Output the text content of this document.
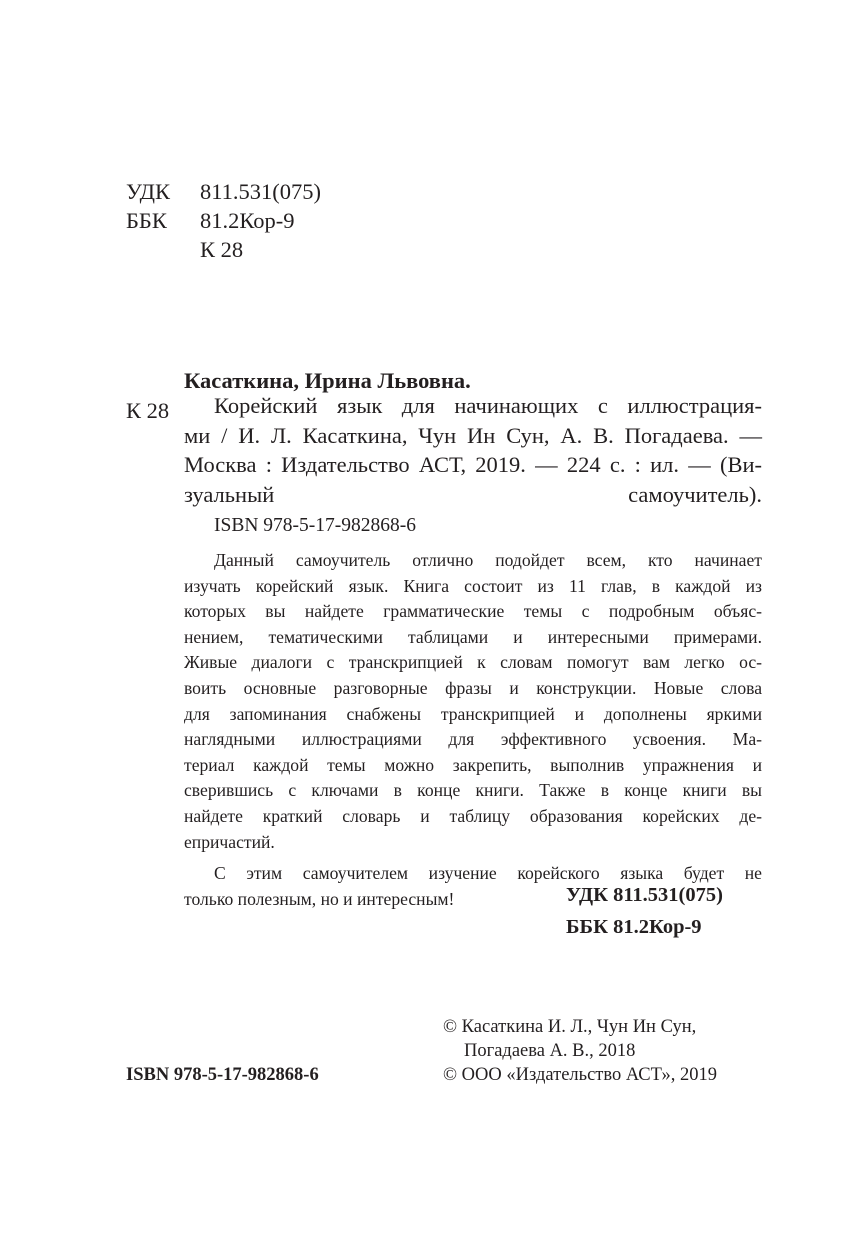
УДК 811.531(075)
ББК 81.2Кор-9
К 28
Касаткина, Ирина Львовна.
К 28	Корейский язык для начинающих с иллюстрация-
ми / И. Л. Касаткина, Чун Ин Сун, А. В. Погадаева. —
Москва : Издательство АСТ, 2019. — 224 с. : ил. — (Ви-
зуальный самоучитель).
ISBN 978-5-17-982868-6
Данный самоучитель отлично подойдет всем, кто начинает
изучать корейский язык. Книга состоит из 11 глав, в каждой из
которых вы найдете грамматические темы с подробным объяс-
нением, тематическими таблицами и интересными примерами.
Живые диалоги с транскрипцией к словам помогут вам легко ос-
воить основные разговорные фразы и конструкции. Новые слова
для запоминания снабжены транскрипцией и дополнены яркими
наглядными иллюстрациями для эффективного усвоения. Ма-
териал каждой темы можно закрепить, выполнив упражнения и
сверившись с ключами в конце книги. Также в конце книги вы
найдете краткий словарь и таблицу образования корейских де-
епричастий.
С этим самоучителем изучение корейского языка будет не
только полезным, но и интересным!	УДК 811.531(075)
ББК 81.2Кор-9
© Касаткина И. Л., Чун Ин Сун,
Погадаева А. В., 2018
ISBN 978-5-17-982868-6	© ООО «Издательство АСТ», 2019
